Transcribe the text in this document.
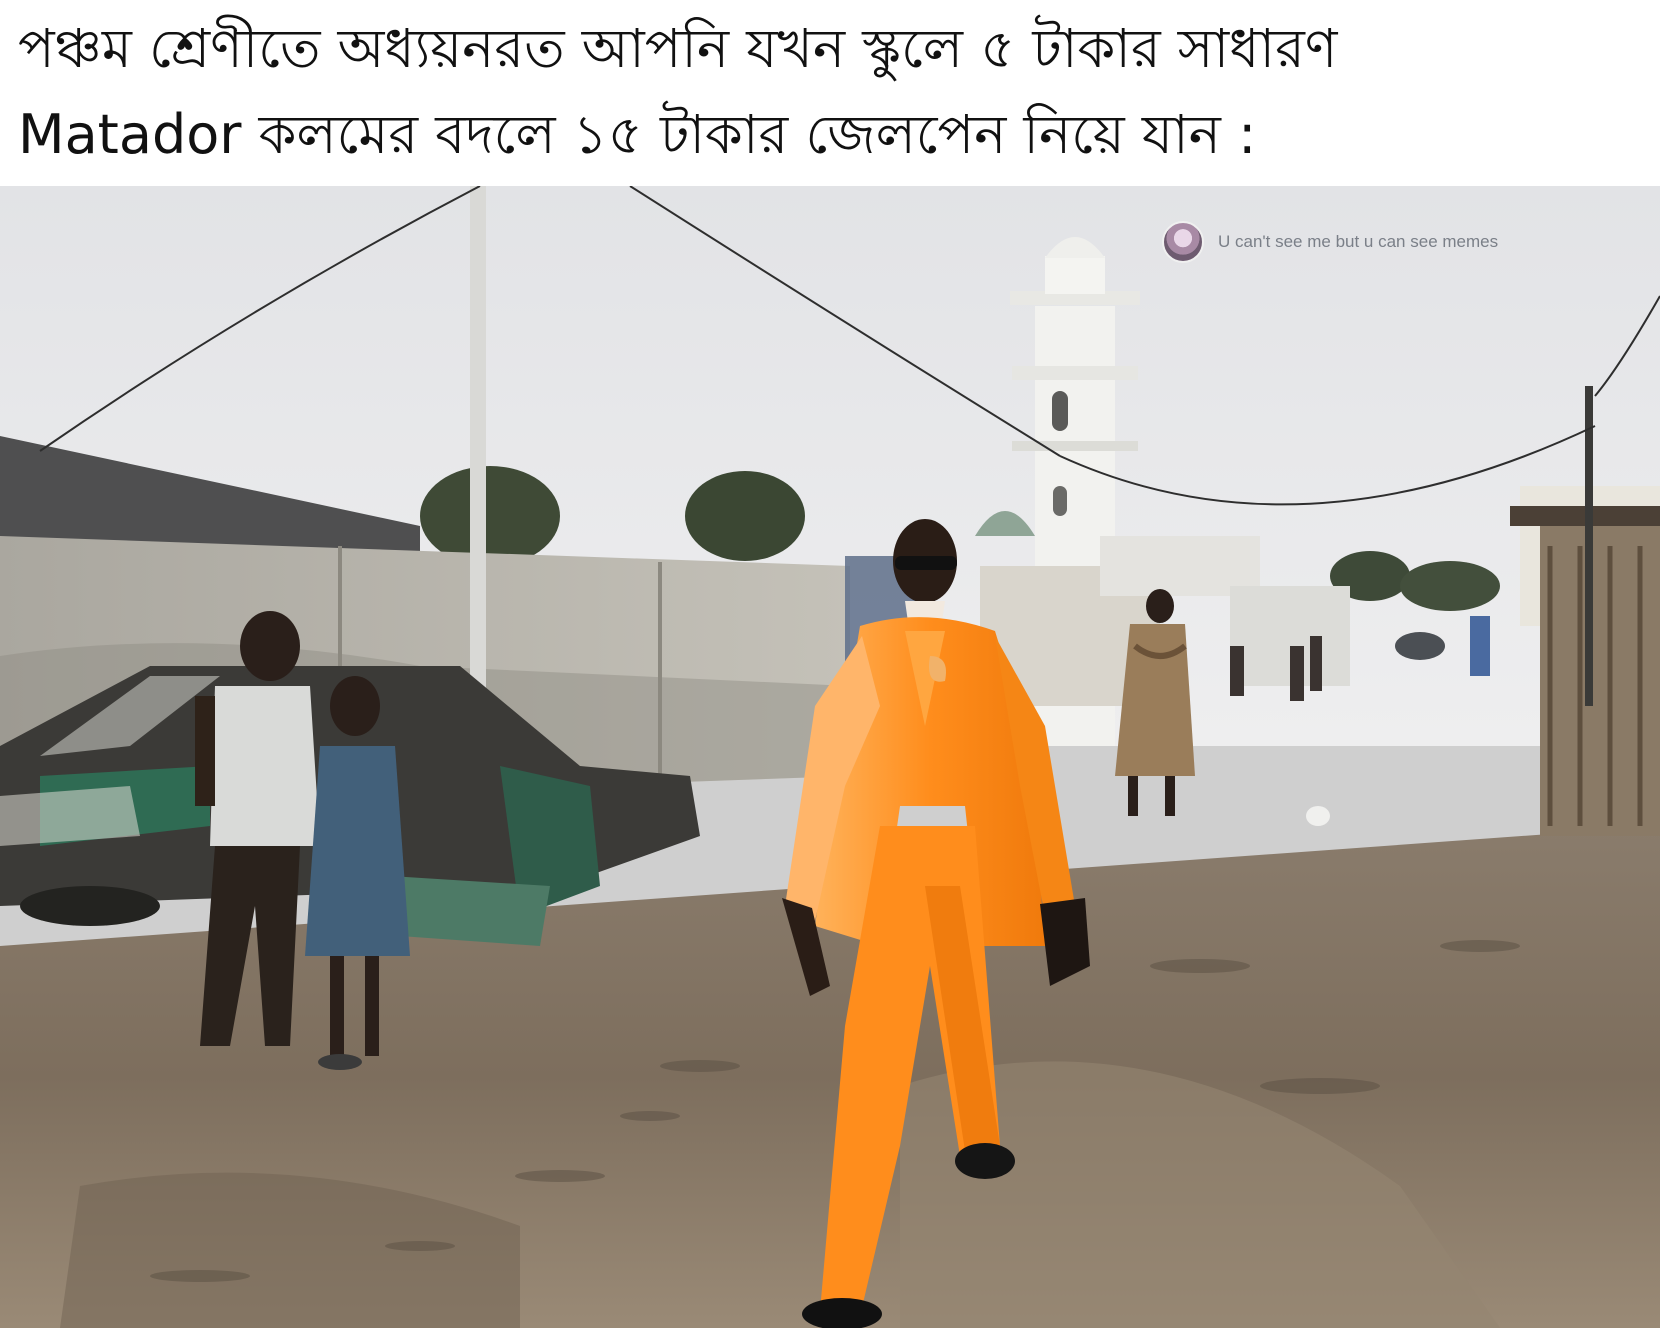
পঞ্চম শ্রেণীতে অধ্যয়নরত আপনি যখন স্কুলে ৫ টাকার সাধারণ
Matador কলমের বদলে ১৫ টাকার জেলপেন নিয়ে যান :
U can't see me but u can see memes
